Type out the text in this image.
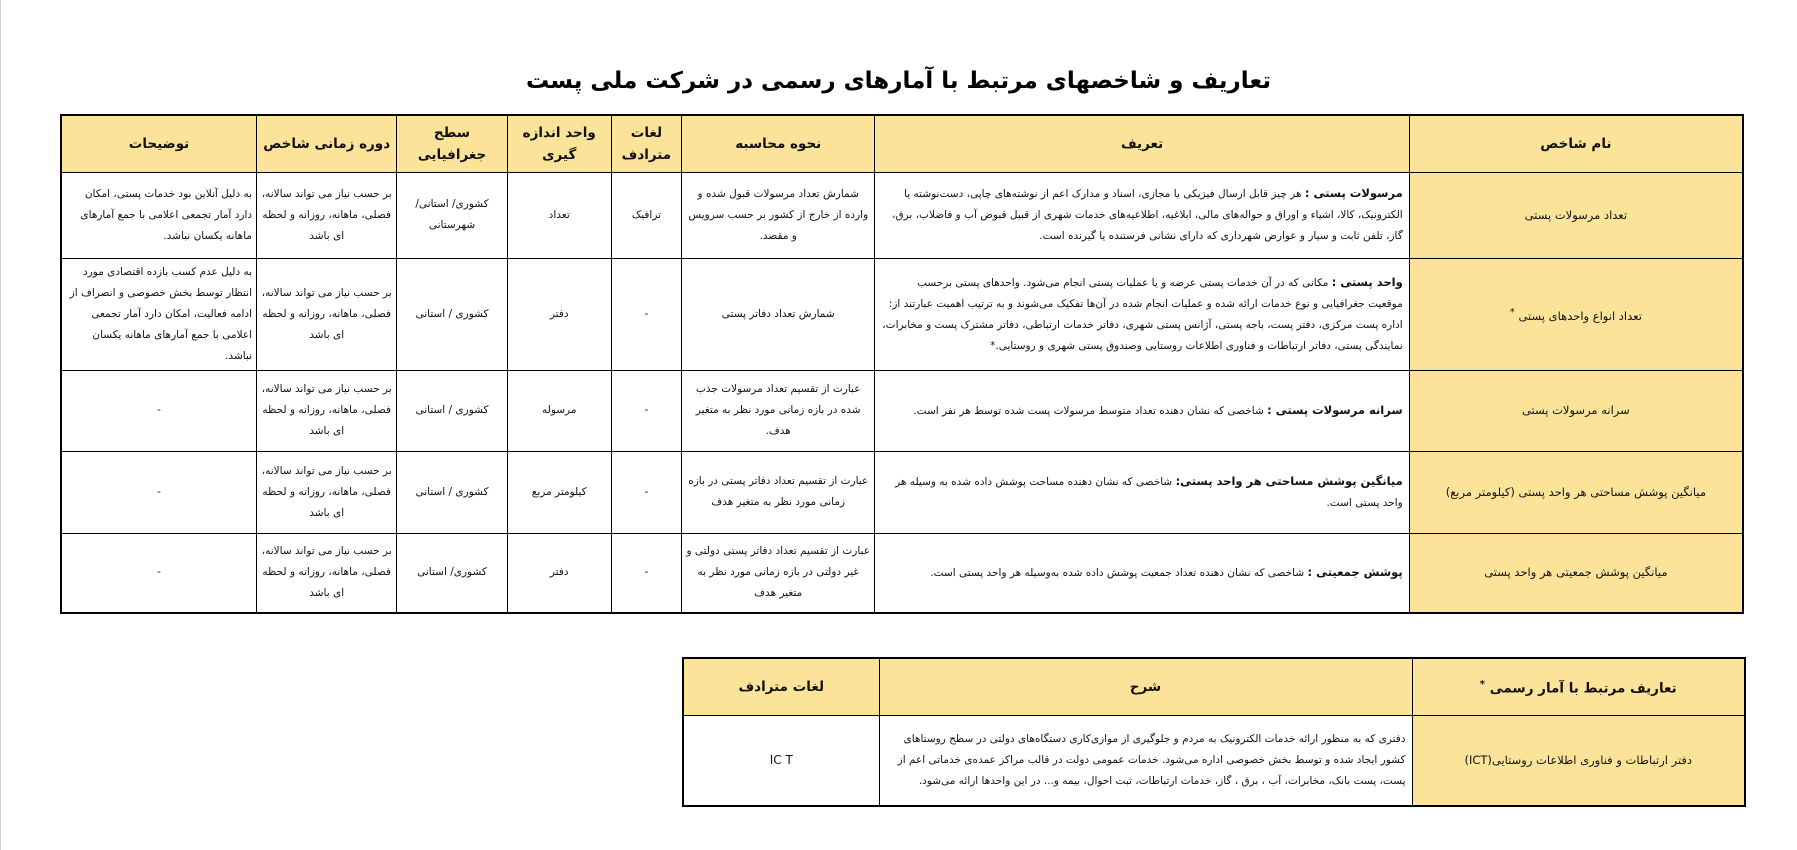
تعاریف و شاخصهای مرتبط با آمارهای رسمی در شرکت ملی پست
نام شاخص	تعریف	نحوه محاسبه	لغات مترادف	واحد اندازه گیری	سطح جغرافیایی	دوره زمانی شاخص	توضیحات
تعداد مرسولات پستی	مرسولات پستی : هر چیز قابل ارسال فیزیکی یا مجازی، اسناد و مدارک اعم از نوشته‌های چاپی، دست‌نوشته یا الکترونیک، کالا، اشیاء و اوراق و حواله‌های مالی، ابلاغیه، اطلاعیه‌های خدمات شهری از قبیل قبوض آب و فاضلاب، برق، گاز، تلفن ثابت و سیار و عوارض شهرداری که دارای نشانی فرستنده یا گیرنده است.	شمارش تعداد مرسولات قبول شده و وارده از خارج از کشور بر حسب سرویس و مقصد.	ترافیک	تعداد	کشوری/ استانی/ شهرستانی	بر حسب نیاز می تواند سالانه، فصلی، ماهانه، روزانه و لحظه ای باشد	به دلیل آنلاین بود خدمات پستی، امکان دارد آمار تجمعی اعلامی با جمع آمارهای ماهانه یکسان نباشد.
تعداد انواع واحدهای پستی *	واحد پستی : مکانی که در آن خدمات پستی عرضه و یا عملیات پستی انجام می‌شود. واحدهای پستی برحسب موقعیت جغرافیایی و نوع خدمات ارائه شده و عملیات انجام شده در آن‌ها تفکیک می‌شوند و به ترتیب اهمیت عبارتند از: اداره پست مرکزی، دفتر پست، باجه پستی، آژانس پستی شهری، دفاتر خدمات ارتباطی، دفاتر مشترک پست و مخابرات، نمایندگی پستی، دفاتر ارتباطات و فناوری اطلاعات روستایی وصندوق پستی شهری و روستایی.*	شمارش تعداد دفاتر پستی	-	دفتر	کشوری / استانی	بر حسب نیاز می تواند سالانه، فصلی، ماهانه، روزانه و لحظه ای باشد	به دلیل عدم کسب بازده اقتصادی مورد انتظار توسط بخش خصوصی و انصراف از ادامه فعالیت، امکان دارد آمار تجمعی اعلامی با جمع آمارهای ماهانه یکسان نباشد.
سرانه مرسولات پستی	سرانه مرسولات پستی : شاخصی که نشان دهنده تعداد متوسط مرسولات پست شده توسط هر نفر است.	عبارت از تقسیم تعداد مرسولات جذب شده در بازه زمانی مورد نظر به متغیر هدف.	-	مرسوله	کشوری / استانی	بر حسب نیاز می تواند سالانه، فصلی، ماهانه، روزانه و لحظه ای باشد	-
میانگین پوشش مساحتی هر واحد پستی (کیلومتر مربع)	میانگین پوشش مساحتی هر واحد پستی: شاخصی که نشان دهنده مساحت پوشش داده شده به وسیله هر واحد پستی است.	عبارت از تقسیم تعداد دفاتر پستی در بازه زمانی مورد نظر به متغیر هدف	-	کیلومتر مربع	کشوری / استانی	بر حسب نیاز می تواند سالانه، فصلی، ماهانه، روزانه و لحظه ای باشد	-
میانگین پوشش جمعیتی هر واحد پستی	پوشش جمعیتی : شاخصی که نشان دهنده تعداد جمعیت پوشش داده شده به‌وسیله هر واحد پستی است.	عبارت از تقسیم تعداد دفاتر پستی دولتی و غیر دولتی در بازه زمانی مورد نظر به متغیر هدف	-	دفتر	کشوری/ استانی	بر حسب نیاز می تواند سالانه، فصلی، ماهانه، روزانه و لحظه ای باشد	-
تعاریف مرتبط با آمار رسمی *	شرح	لغات مترادف
دفتر ارتباطات و فناوری اطلاعات روستایی(ICT)	دفتری که به منظور ارائه خدمات الکترونیک به مردم و جلوگیری از موازی‌کاری دستگاه‌های دولتی در سطح روستاهای کشور ایجاد شده و توسط بخش خصوصی اداره می‌شود. خدمات عمومی دولت در قالب مراکز عمده‌ی خدماتی اعم از پست، پست بانک، مخابرات، آب ، برق ، گاز، خدمات ارتباطات، ثبت احوال، بیمه و... در این واحدها ارائه می‌شود.	IC T
